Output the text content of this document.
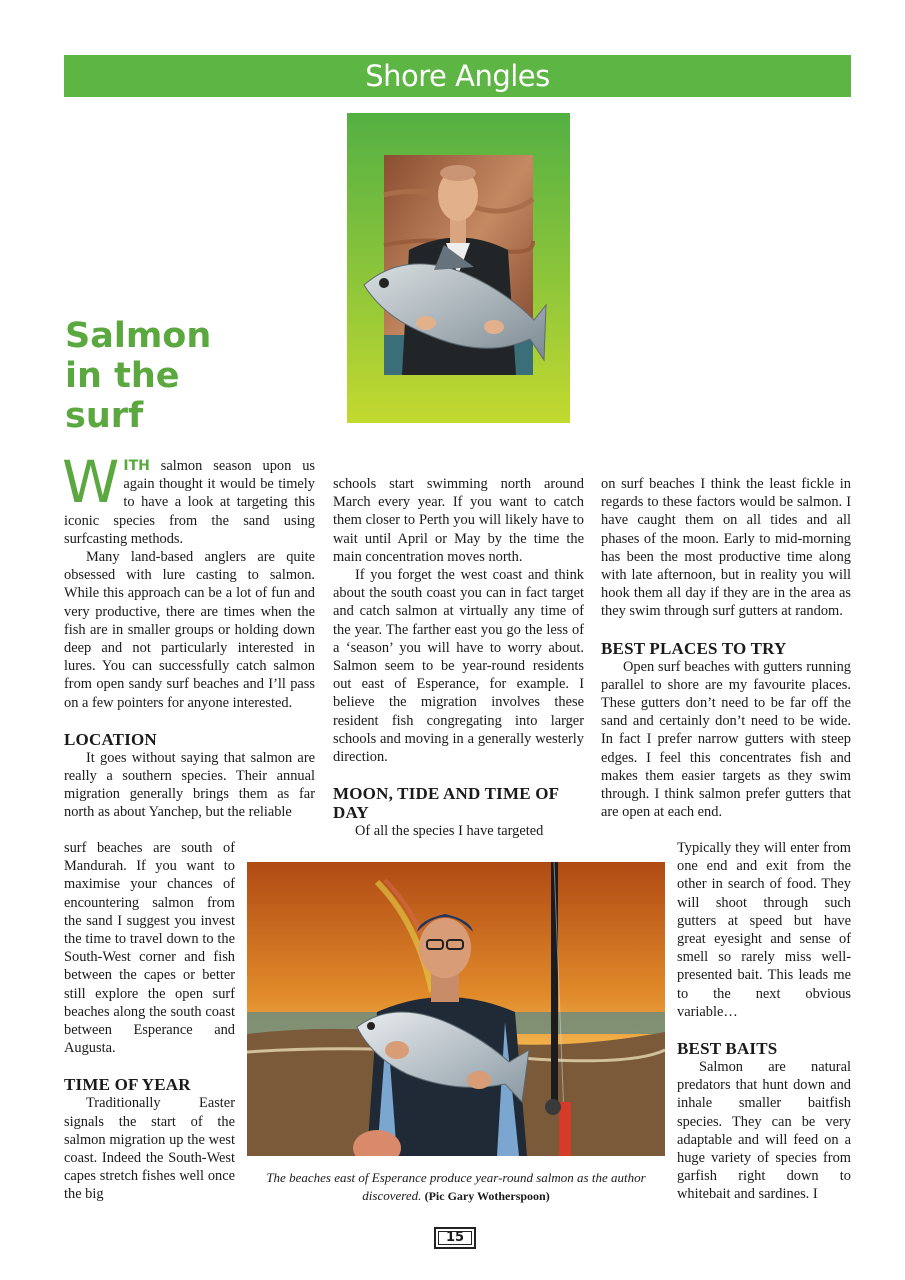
Shore Angles
Salmon
in the
surf

WITH salmon season upon us again thought it would be timely to have a look at targeting this iconic species from the sand using surfcasting methods.

Many land-based anglers are quite obsessed with lure casting to salmon. While this approach can be a lot of fun and very productive, there are times when the fish are in smaller groups or holding down deep and not particularly interested in lures. You can successfully catch salmon from open sandy surf beaches and I’ll pass on a few pointers for anyone interested.

LOCATION

It goes without saying that salmon are really a southern species. Their annual migration generally brings them as far north as about Yanchep, but the reliable

surf beaches are south of Mandurah. If you want to maximise your chances of encountering salmon from the sand I suggest you invest the time to travel down to the South-West corner and fish between the capes or better still explore the open surf beaches along the south coast between Esperance and Augusta.

TIME OF YEAR

Traditionally Easter signals the start of the salmon migration up the west coast. Indeed the South-West capes stretch fishes well once the big

schools start swimming north around March every year. If you want to catch them closer to Perth you will likely have to wait until April or May by the time the main concentration moves north.

If you forget the west coast and think about the south coast you can in fact target and catch salmon at virtually any time of the year. The farther east you go the less of a ‘season’ you will have to worry about. Salmon seem to be year-round residents out east of Esperance, for example. I believe the migration involves these resident fish congregating into larger schools and moving in a generally westerly direction.

MOON, TIDE AND TIME OF DAY

Of all the species I have targeted

on surf beaches I think the least fickle in regards to these factors would be salmon. I have caught them on all tides and all phases of the moon. Early to mid-morning has been the most productive time along with late afternoon, but in reality you will hook them all day if they are in the area as they swim through surf gutters at random.

BEST PLACES TO TRY

Open surf beaches with gutters running parallel to shore are my favourite places. These gutters don’t need to be far off the sand and certainly don’t need to be wide. In fact I prefer narrow gutters with steep edges. I feel this concentrates fish and makes them easier targets as they swim through. I think salmon prefer gutters that are open at each end.

Typically they will enter from one end and exit from the other in search of food. They will shoot through such gutters at speed but have great eyesight and sense of smell so rarely miss well-presented bait. This leads me to the next obvious variable…

BEST BAITS

Salmon are natural predators that hunt down and inhale smaller baitfish species. They can be very adaptable and will feed on a huge variety of species from garfish right down to whitebait and sardines. I

The beaches east of Esperance produce year-round salmon as the author discovered. (Pic Gary Wotherspoon)
15
